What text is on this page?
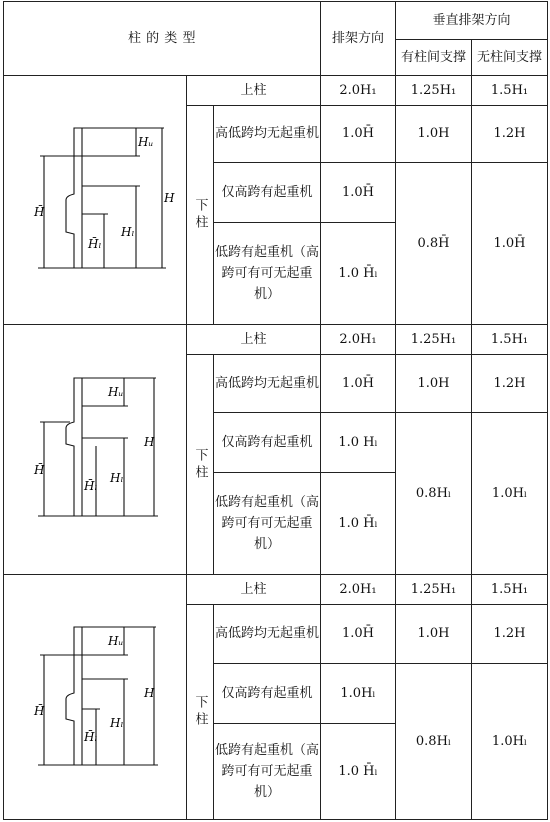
柱 的 类 型			排架方向	垂直排架方向	
				有柱间支撑	无柱间支撑

H̄
Hᵤ
H
Hₗ
H̄ₗ	上柱		2.0H₁	1.25H₁	1.5H₁
	下柱	高低跨均无起重机	1.0H̄	1.0H	1.2H
		仅高跨有起重机	1.0H̄	0.8H̄	1.0H̄
		低跨有起重机（高跨可有可无起重机）	1.0 H̄ₗ		

H̄
Hᵤ
H
Hₗ
H̄ₗ	上柱		2.0H₁	1.25H₁	1.5H₁
	下柱	高低跨均无起重机	1.0H̄	1.0H	1.2H
		仅高跨有起重机	1.0 Hₗ	0.8Hₗ	1.0Hₗ
		低跨有起重机（高跨可有可无起重机）	1.0 H̄ₗ		

H̄
Hᵤ
H
Hₗ
H̄ₗ	上柱		2.0H₁	1.25H₁	1.5H₁
	下柱	高低跨均无起重机	1.0H̄	1.0H	1.2H
		仅高跨有起重机	1.0Hₗ	0.8Hₗ	1.0Hₗ
		低跨有起重机（高跨可有可无起重机）	1.0 H̄ₗ		
